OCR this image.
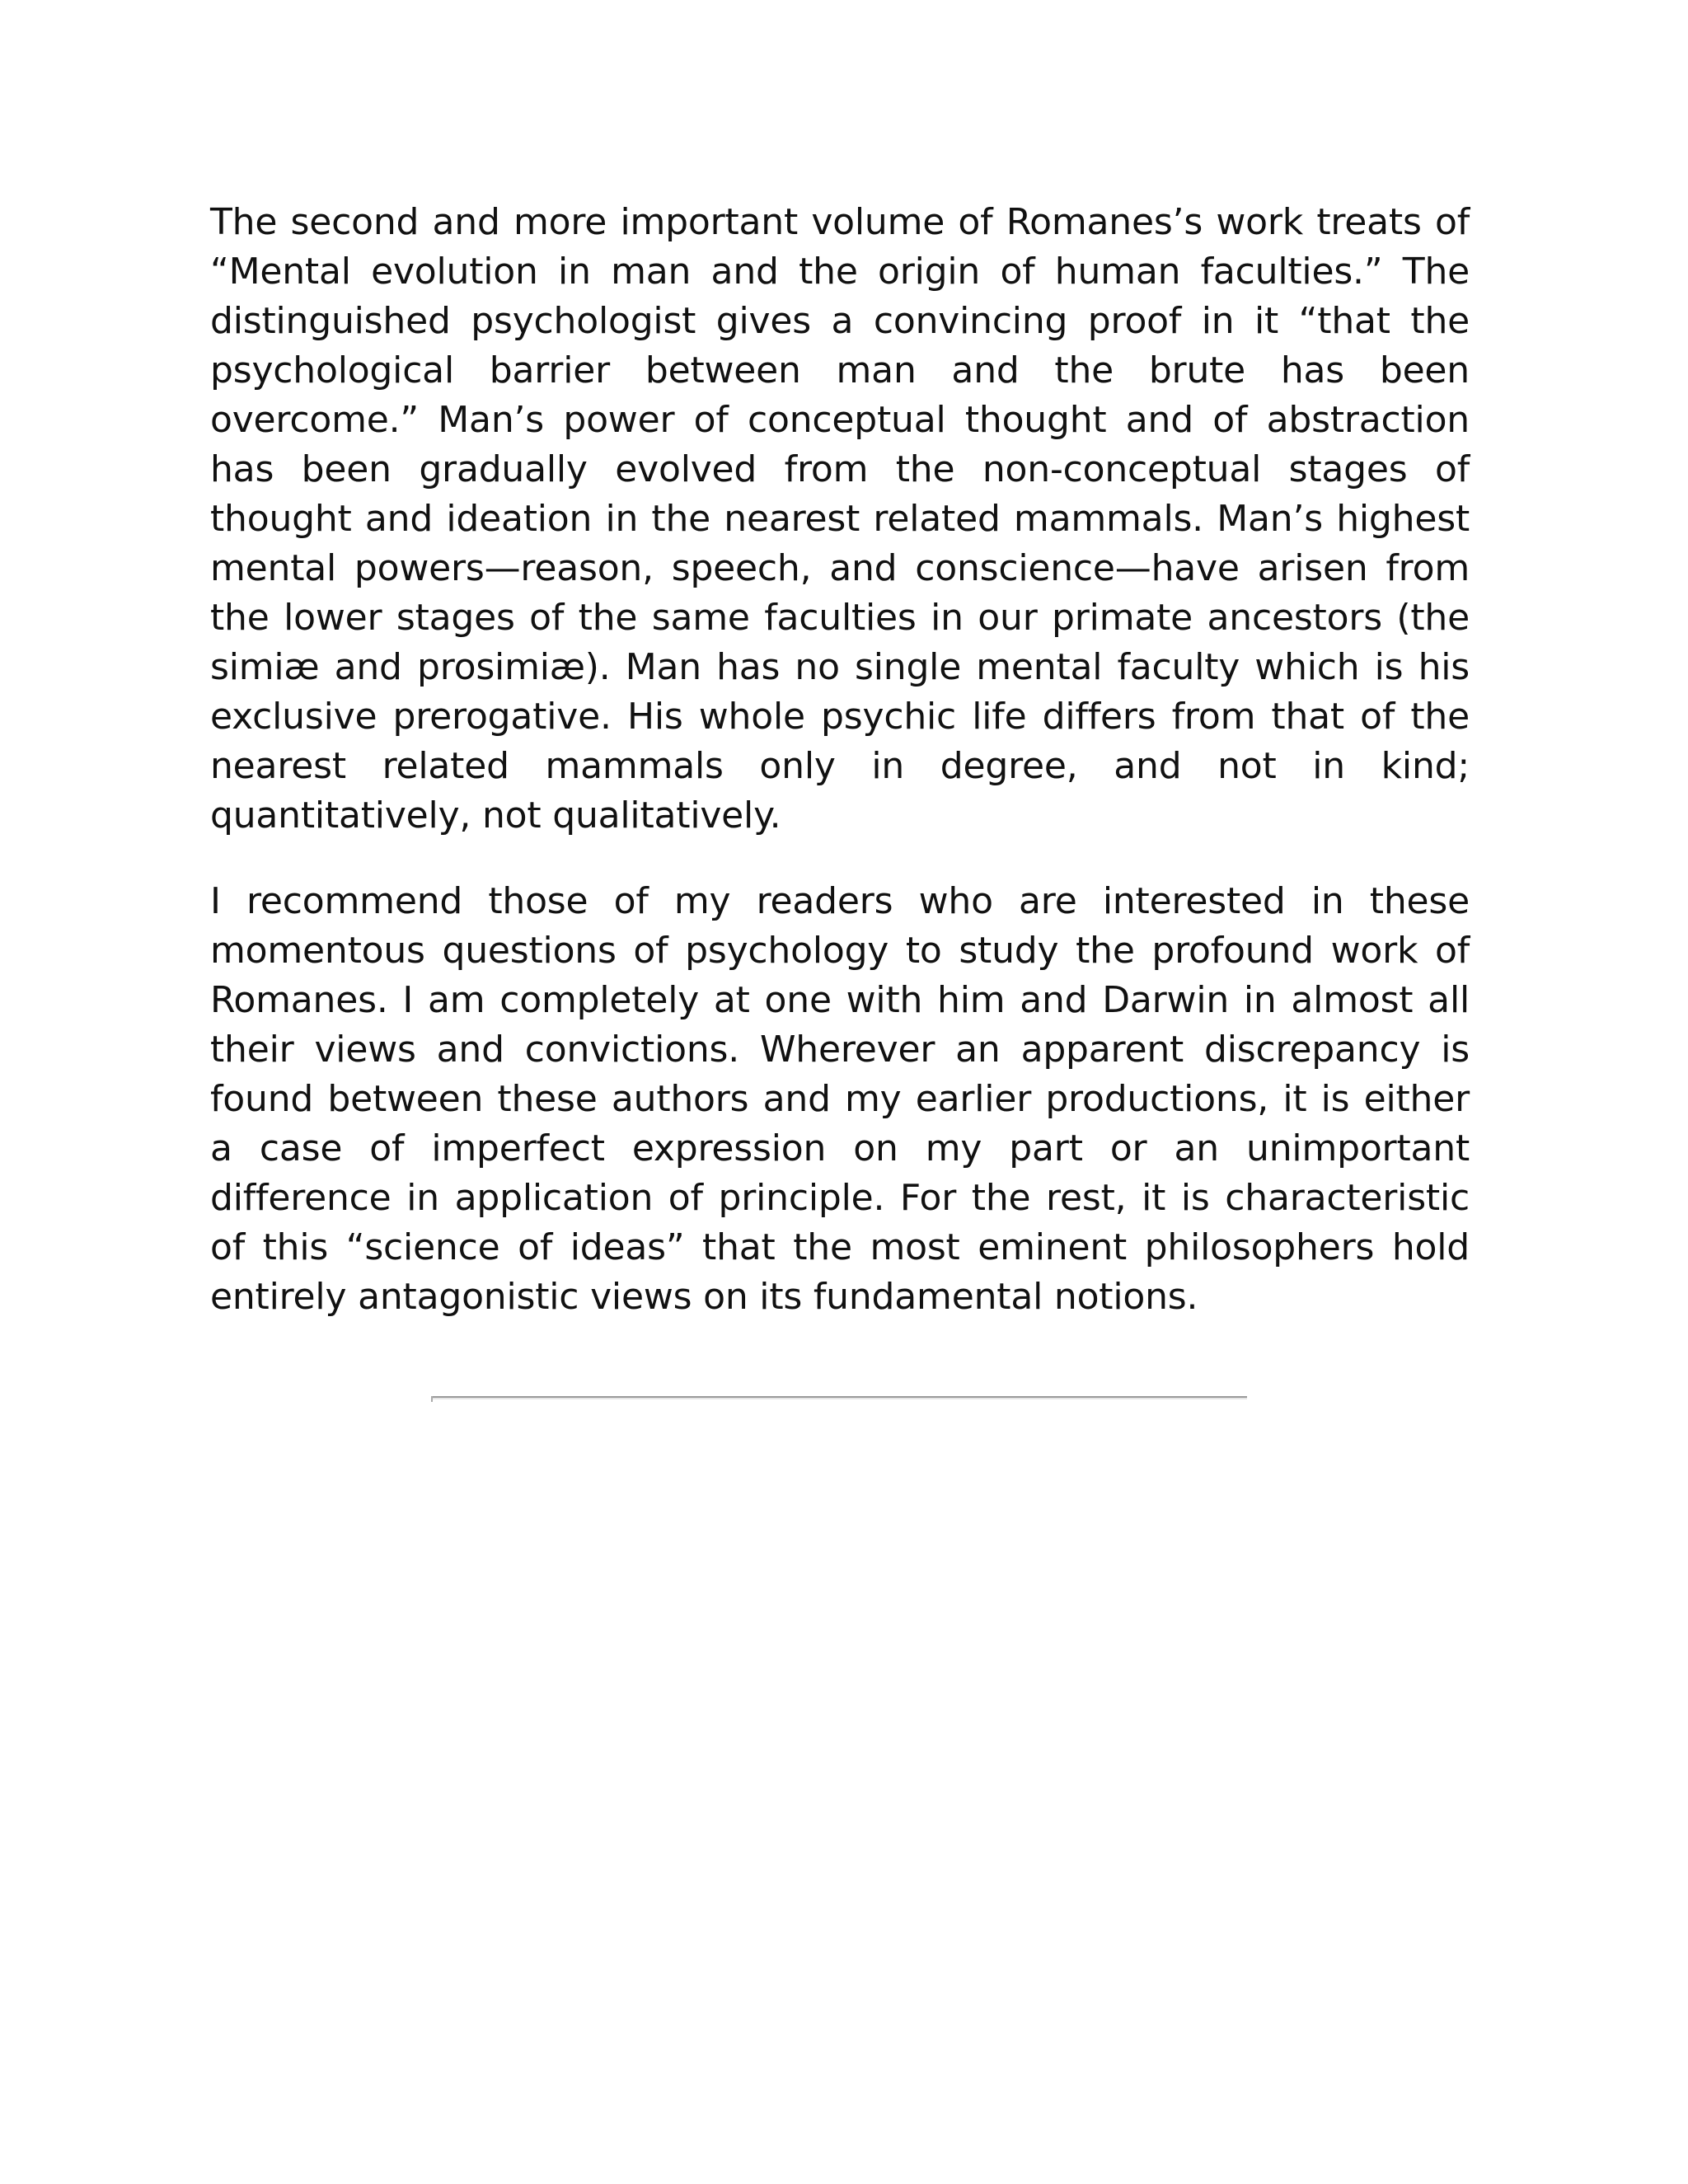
The second and more important volume of Romanes’s work treats of “Mental evolution in man and the origin of human faculties.” The distinguished psychologist gives a convincing proof in it “that the psychological barrier between man and the brute has been overcome.” Man’s power of conceptual thought and of abstraction has been gradually evolved from the non-conceptual stages of thought and ideation in the nearest related mammals. Man’s highest mental powers—reason, speech, and conscience—have arisen from the lower stages of the same faculties in our primate ancestors (the simiæ and prosimiæ). Man has no single mental faculty which is his exclusive prerogative. His whole psychic life differs from that of the nearest related mammals only in degree, and not in kind; quantitatively, not qualitatively.

I recommend those of my readers who are interested in these momentous questions of psychology to study the profound work of Romanes. I am completely at one with him and Darwin in almost all their views and convictions. Wherever an apparent discrepancy is found between these authors and my earlier productions, it is either a case of imperfect expression on my part or an unimportant difference in application of principle. For the rest, it is characteristic of this “science of ideas” that the most eminent philosophers hold entirely antagonistic views on its fundamental notions.
